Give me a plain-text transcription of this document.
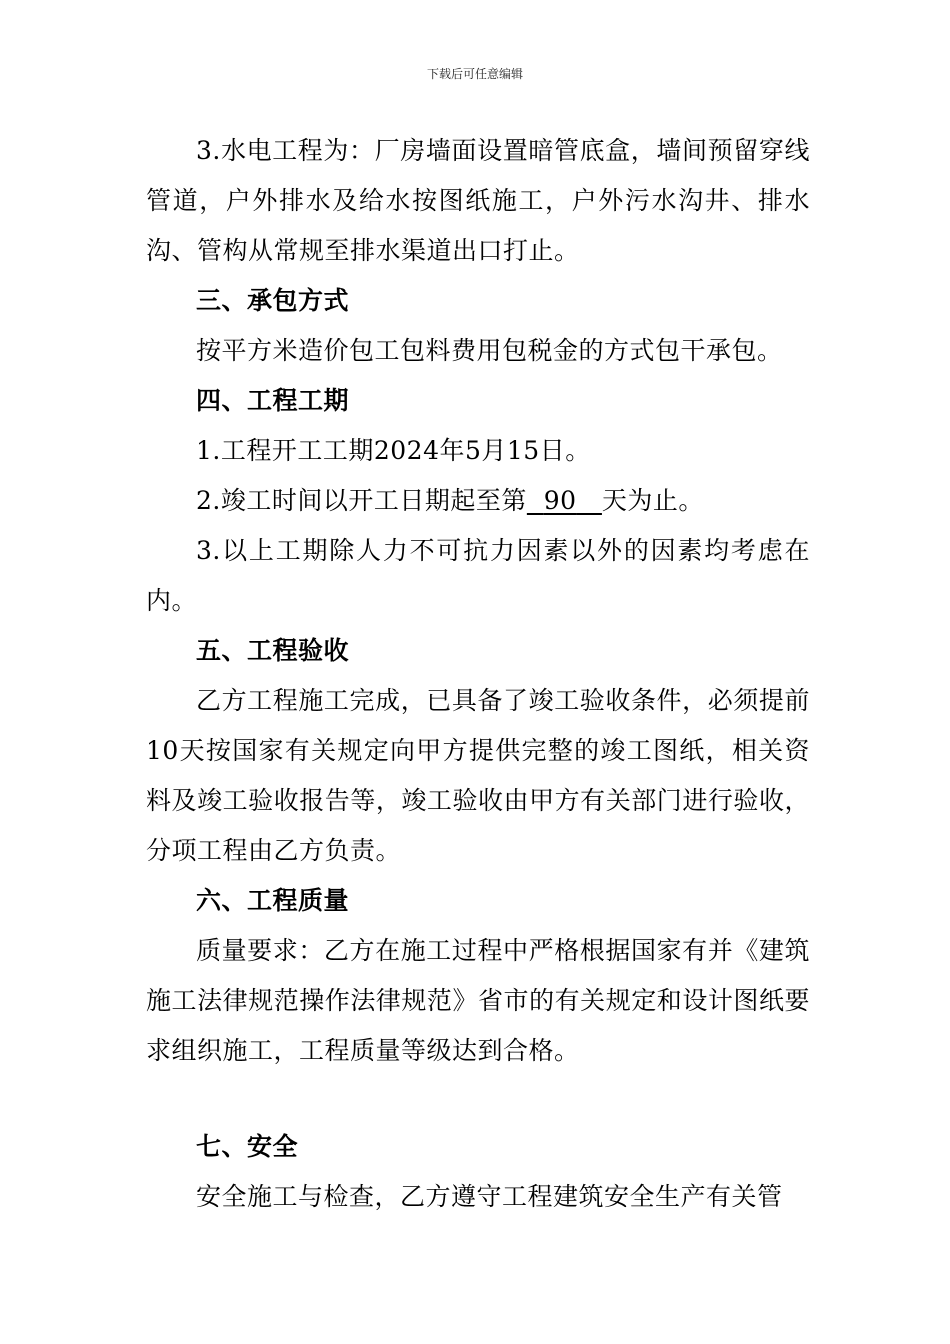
下载后可任意编辑

3.水电工程为：厂房墙面设置暗管底盒，墙间预留穿线管道，户外排水及给水按图纸施工，户外污水沟井、排水沟、管构从常规至排水渠道出口打止。

三、承包方式

按平方米造价包工包料费用包税金的方式包干承包。

四、工程工期

1.工程开工工期2024年5月15日。

2.竣工时间以开工日期起至第 90 天为止。

3.以上工期除人力不可抗力因素以外的因素均考虑在内。

五、工程验收

乙方工程施工完成，已具备了竣工验收条件，必须提前10天按国家有关规定向甲方提供完整的竣工图纸，相关资料及竣工验收报告等，竣工验收由甲方有关部门进行验收，分项工程由乙方负责。

六、工程质量

质量要求：乙方在施工过程中严格根据国家有并《建筑施工法律规范操作法律规范》省市的有关规定和设计图纸要求组织施工，工程质量等级达到合格。

七、安全

安全施工与检查，乙方遵守工程建筑安全生产有关管
